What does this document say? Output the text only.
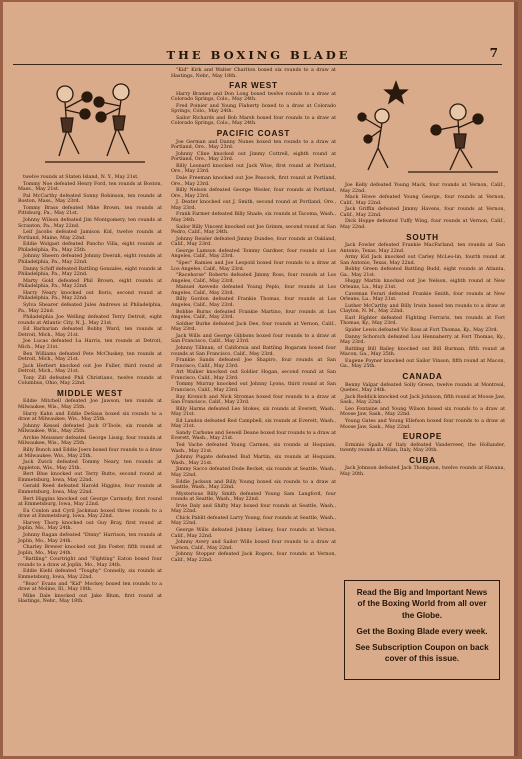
THE BOXING BLADE	7

twelve rounds at Staten Island, N. Y., May 21st.

Tommy Noe defeated Henry Ford, ten rounds at Boston, Mass., May 21st.

Pal McCarthy defeated Sonny Robinson, ten rounds at Boston, Mass., May 23rd.

Tommy Brass defeated Mike Brown, ten rounds at Pittsburg, Pa., May 21st.

Johnny Wilson defeated Jim Montgomery, ten rounds at Scranton, Pa., May 22nd.

Leif Jacobs defeated Jamison Kid, twelve rounds at Portland, Maine, May 22nd.

Eddie Wolgast defeated Pancho Villa, eight rounds at Philadelphia, Pa., May 25th.

Johnny Sheern defeated Johnny Doerah, eight rounds at Philadelphia, Pa., May 22nd.

Danny Schiff defeated Battling Gonzales, eight rounds at Philadelphia, Pa., May 22nd.

Marty Gold defeated Phil Brown, eight rounds at Philadelphia, Pa., May 22nd.

Harry Neary knocked out Boris, second round at Philadelphia, Pa., May 22nd.

Sylva Shearer defeated Jules Andrews at Philadelphia, Pa., May 22nd.

Philadelphia Joe Welling defeated Terry Detroit, eight rounds at Atlantic City, N. J., May 21st.

Ed Barbarian defeated Bobby Ward, ten rounds at Detroit, Mich., May 21st.

Joe Lucas defeated Lu Harris, ten rounds at Detroit, Mich., May 21st.

Ben Williams defeated Pete McCluskey, ten rounds at Detroit, Mich., May 21st.

Jack Herbert knocked out Joe Fuller, third round at Detroit, Mich., May 21st.

Tony Zill defeated Phil Christiano, twelve rounds at Columbus, Ohio, May 22nd.

MIDDLE WEST

Eddie Mitchell defeated Joe Jawson, ten rounds at Milwaukee, Wis., May 25th.

Harry Kahn and Eddie DeSaus boxed six rounds to a draw at Milwaukee, Wis., May 25th.

Johnny Kessel defeated Jack O'Toole, six rounds at Milwaukee, Wis., May 25th.

Archie Meissner defeated George Lissig, four rounds at Milwaukee, Wis., May 25th.

Billy Bunch and Eddie Joers boxed four rounds to a draw at Milwaukee, Wis., May 25th.

Jack Zwich defeated Tommy Neary, ten rounds at Appleton, Wis., May 25th.

Bert Blue knocked out Terry Butte, second round at Emmetsburg, Iowa, May 22nd.

Gerald Reed defeated Harold Higgins, four rounds at Emmetsburg, Iowa, May 22nd.

Bert Higgins knocked out George Carmody, first round at Emmetsburg, Iowa, May 22nd.

Eu Conlon and Cyril Jackman boxed three rounds to a draw at Emmetsburg, Iowa, May 22nd.

Harvey Thorp knocked out Guy Bray, first round at Joplin, Mo., May 24th.

Johnny Ragan defeated "Dinny" Harrison, ten rounds at Joplin, Mo., May 24th.

Charley Brewer knocked out Jim Foster, fifth round at Joplin, Mo., May 24th.

"Battling" Courtright and "Fighting" Eaton boxed four rounds to a draw at Joplin, Mo., May 24th.

Eddie Kiehl defeated "Toughy" Connelly, six rounds at Emmetsburg, Iowa, May 22nd.

"Bozo" Evans and "Kid" Mockey boxed ten rounds to a draw at Moline, Ill., May 18th.

Mike Dale knocked out Jake Blum, first round at Hastings, Nebr., May 18th.

"Kid" Kirk and Walter Charlton boxed six rounds to a draw at Hastings, Nebr., May 18th.

FAR WEST

Harry Bramer and Don Long boxed twelve rounds to a draw at Colorado Springs, Colo., May 24th.

Fred Poinier and Young Flaherty boxed to a draw at Colorado Springs, Colo., May 24th.

Sailor Richards and Bob Marsh boxed four rounds to a draw at Colorado Springs, Colo., May 24th.

PACIFIC COAST

Joe German and Danny Nunes boxed ten rounds to a draw at Portland, Ore., May 23rd.

Johnny Cline knocked out Jimmy Cottrell, eighth round at Portland, Ore., May 23rd.

Billy Leonard knocked out Jack Wise, first round at Portland, Ore., May 23rd.

Dale Freeman knocked out Joe Peacock, first round at Portland, Ore., May 23rd.

Billy Nelson defeated George Wesler, four rounds at Portland, Ore., May 23rd.

J. Dexter knocked out J. Smith, second round at Portland, Ore., May 23rd.

Frank Farmer defeated Billy Shade, six rounds at Tacoma, Wash., May 24th.

Sailor Billy Vincent knocked out Joe Grimm, second round at San Pedro, Calif., May 24th.

Johnny Reisler defeated Jimmy Dundee, four rounds at Oakland, Calif., May 23rd.

George Lamson defeated Tommy Gardner, four rounds at Los Angeles, Calif., May 23rd.

"Spec" Ramies and Joe Leopold boxed four rounds to a draw at Los Angeles, Calif., May 23rd.

"Racehorse" Roberts defeated Jimmy Ross, four rounds at Los Angeles, Calif., May 23rd.

Manuel Azevedo defeated Young Peplo, four rounds at Los Angeles, Calif., May 23rd.

Billy Gordon defeated Frankie Thomas, four rounds at Los Angeles, Calif., May 23rd.

Bobbie Burns defeated Frankie Martino, four rounds at Los Angeles, Calif., May 23rd.

Soldier Burke defeated Jack Dee, four rounds at Vernon, Calif., May 23rd.

Jack Wills and George Gibbons boxed four rounds to a draw at San Francisco, Calif., May 23rd.

Johnny Tillman, of California and Battling Bogaram boxed four rounds at San Francisco, Calif., May 23rd.

Frankie Sands defeated Joe Shapiro, four rounds at San Francisco, Calif., May 23rd.

Art Walker knocked out Soldier Hogan, second round at San Francisco, Calif., May 23rd.

Tommy Murray knocked out Johnny Lyons, third round at San Francisco, Calif., May 23rd.

Ray Kronich and Nick Stromas boxed four rounds to a draw at San Francisco, Calif., May 23rd.

Billy Harms defeated Leo Stokes, six rounds at Everett, Wash., May 21st.

Ed Landon defeated Red Campbell, six rounds at Everett, Wash., May 21st.

Sandy Carbone and Sewell Deane boxed four rounds to a draw at Everett, Wash., May 21st.

Ted Vache defeated Young Carmen, six rounds at Hoquiam, Wash., May 21st.

Johnny Pugate defeated Bud Martin, six rounds at Hoquiam, Wash., May 21st.

Jimmy Sacco defeated Dode Becket, six rounds at Seattle, Wash., May 22nd.

Eddie Jackson and Billy Young boxed six rounds to a draw at Seattle, Wash., May 22nd.

Mysterious Billy Smith defeated Young Sam Langford, four rounds at Seattle, Wash., May 22nd.

Irvie Daly and Shifty May boxed four rounds at Seattle, Wash., May 22nd.

Chick Pablit defeated Larry Young, four rounds at Seattle, Wash., May 22nd.

George Wills defeated Johnny Lehney, four rounds at Vernon, Calif., May 22nd.

Johnny Avery and Sailor Wills boxed four rounds to a draw at Vernon, Calif., May 22nd.

Johnny Stopper defeated Jack Rogers, four rounds at Vernon, Calif., May 22nd.

Joe Kelly defeated Young Mack, four rounds at Vernon, Calif., May 22nd.

Mack Howe defeated Young George, four rounds at Vernon, Calif., May 22nd.

Jack Griffin defeated Jimmy Havens, four rounds at Vernon, Calif., May 22nd.

Dick Hoppe defeated Tuffy Wing, four rounds at Vernon, Calif., May 22nd.

SOUTH

Jack Fowler defeated Frankie MacFarland, ten rounds at San Antonio, Texas, May 22nd.

Army Kid Jack knocked out Carley McLeo-lin, fourth round at San Antonio, Texas, May 22nd.

Bobby Green defeated Battling Budd, eight rounds at Atlanta, Ga., May 21st.

Huggy Martin knocked out Joe Nelson, eighth round at New Orleans, La., May 21st.

Caveman Ferari defeated Frankie Smith, four rounds at New Orleans, La., May 21st.

Luther McCarthy and Billy Irwin boxed ten rounds to a draw at Clayton, N. M., May 22nd.

Earl Righter defeated Fighting Ferraris, ten rounds at Fort Thomas, Ky., May 23rd.

Spider Lewis defeated Vic Ross at Fort Thomas, Ky., May 23rd.

Danny Schorsch defeated Lou Hennaberry at Fort Thomas, Ky., May 23rd.

Battling Bill Bailey knocked out Bill Burman, fifth round at Macon, Ga., May 25th.

Eugene Poyner knocked out Sailor Vinson, fifth round at Macon, Ga., May 25th.

CANADA

Benny Valgar defeated Solly Green, twelve rounds at Montreal, Quebec, May 24th.

Jack Reddick knocked out Jack Johnson, fifth round at Moose Jaw, Sask., May 22nd.

Leo Fontaine and Young Wilson boxed six rounds to a draw at Moose Jaw, Sask., May 22nd.

Young Gates and Young Ellefson boxed four rounds to a draw at Moose Jaw, Sask., May 22nd.

EUROPE

Erminio Spalla of Italy defeated Vanderveer, the Hollander, twenty rounds at Milan, Italy, May 20th.

CUBA

Jack Johnson defeated Jack Thompson, twelve rounds at Havana, May 20th.

Read the Big and Important News of the Boxing World from all over the Globe.

Get the Boxing Blade every week.

See Subscription Coupon on back cover of this issue.
